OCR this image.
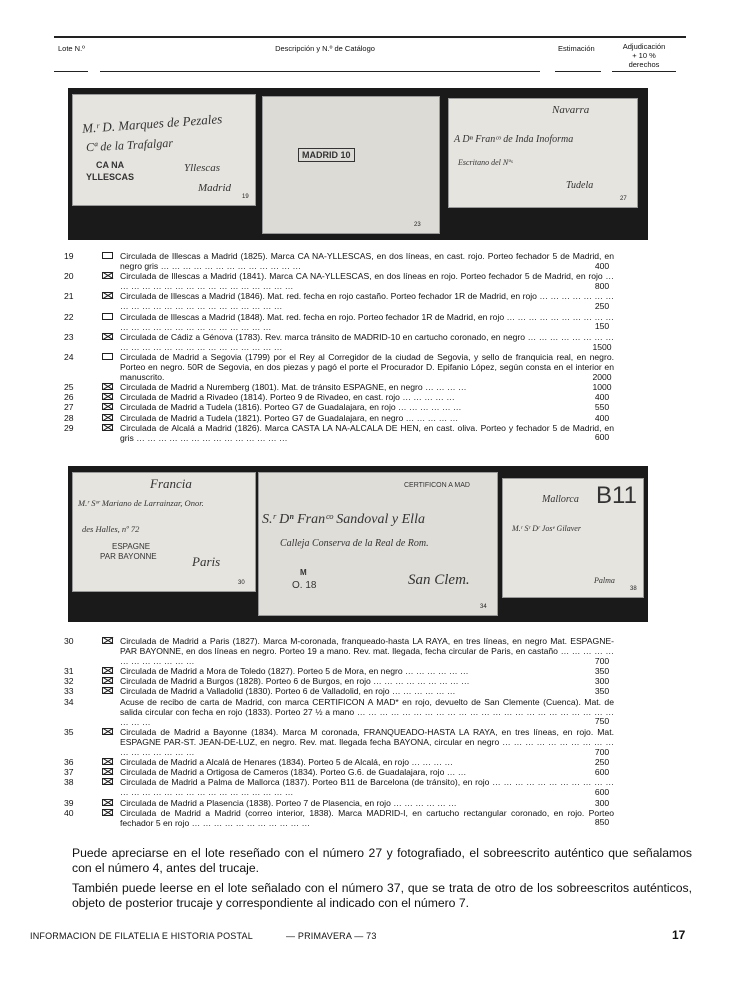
Lote N.º	Descripción y N.º de Catálogo	Estimación	Adjudicación
+ 10 %
derechos
M.ʳ D. Marques de Pezales
Cª de la Trafalgar
CA NA
YLLESCAS
Yllescas
Madrid
19
MADRID 10
23
Navarra
A Dⁿ Franᶜᵒ de Inda Inoforma
Escritano del Nºˢ
Tudela
27
19	Circulada de Illescas a Madrid (1825). Marca CA NA-YLLESCAS, en dos líneas, en cast. rojo. Porteo fechador 5 de Madrid, en negro gris … … … … … … … … … … … … …	400
20	Circulada de Illescas a Madrid (1841). Marca CA NA-YLLESCAS, en dos líneas en rojo. Porteo fechador 5 de Madrid, en rojo … … … … … … … … … … … … … … … … …	800
21	Circulada de Illescas a Madrid (1846). Mat. red. fecha en rojo castaño. Porteo fechador 1R de Madrid, en rojo … … … … … … … … … … … … … … … … … … … … … …	250
22	Circulada de Illescas a Madrid (1848). Mat. red. fecha en rojo. Porteo fechador 1R de Madrid, en rojo … … … … … … … … … … … … … … … … … … … … … … … …	150
23	Circulada de Cádiz a Génova (1783). Rev. marca tránsito de MADRID-10 en cartucho coronado, en negro … … … … … … … … … … … … … … … … … … … … … … …	1500
24	Circulada de Madrid a Segovia (1799) por el Rey al Corregidor de la ciudad de Segovia, y sello de franquicia real, en negro. Porteo en negro. 50R de Segovia, en dos piezas y pagó el porte el Procurador D. Epifanio López, según consta en el interior en manuscrito.	2000
25	Circulada de Madrid a Nuremberg (1801). Mat. de tránsito ESPAGNE, en negro … … … …	1000
26	Circulada de Madrid a Rivadeo (1814). Porteo 9 de Rivadeo, en cast. rojo … … … … …	400
27	Circulada de Madrid a Tudela (1816). Porteo G7 de Guadalajara, en rojo … … … … … …	550
28	Circulada de Madrid a Tudela (1821). Porteo G7 de Guadalajara, en negro … … … … …	400
29	Circulada de Alcalá a Madrid (1826). Marca CASTA LA NA-ALCALA DE HEN, en cast. oliva. Porteo y fechador 5 de Madrid, en gris … … … … … … … … … … … … … …	600
Francia
M.ʳ Sᵒʳ Mariano de Larrainzar, Onor.
des Halles, nº 72
ESPAGNE
PAR BAYONNE	Paris
30
CERTIFICON A MAD
S.ʳ Dⁿ Franᶜᵒ Sandoval y Ella
Calleja Conserva de la Real de Rom.
M
O. 18	San Clem.
34
Mallorca B11
M.ʳ Sʳ Dʳ Josᵉ Gilaver
Palma
38
30	Circulada de Madrid a Paris (1827). Marca M-coronada, franqueado-hasta LA RAYA, en tres líneas, en negro Mat. ESPAGNE-PAR BAYONNE, en dos líneas en negro. Porteo 19 a mano. Rev. mat. llegada, fecha circular de Paris, en castaño … … … … … … … … … … … …	700
31	Circulada de Madrid a Mora de Toledo (1827). Porteo 5 de Mora, en negro … … … … … …	350
32	Circulada de Madrid a Burgos (1828). Porteo 6 de Burgos, en rojo … … … … … … … … …	300
33	Circulada de Madrid a Valladolid (1830). Porteo 6 de Valladolid, en rojo … … … … … …	350
34	Acuse de recibo de carta de Madrid, con marca CERTIFICON A MAD* en rojo, devuelto de San Clemente (Cuenca). Mat. de salida circular con fecha en rojo (1833). Porteo 27 ½ a mano … … … … … … … … … … … … … … … … … … … … … … … … … …	750
35	Circulada de Madrid a Bayonne (1834). Marca M coronada, FRANQUEADO-HASTA LA RAYA, en tres líneas, en rojo. Mat. ESPAGNE PAR-ST. JEAN-DE-LUZ, en negro. Rev. mat. llegada fecha BAYONA, circular en negro … … … … … … … … … … … … … … … … …	700
36	Circulada de Madrid a Alcalá de Henares (1834). Porteo 5 de Alcalá, en rojo … … … …	250
37	Circulada de Madrid a Ortigosa de Cameros (1834). Porteo G.6. de Guadalajara, rojo … …	600
38	Circulada de Madrid a Palma de Mallorca (1837). Porteo B11 de Barcelona (de tránsito), en rojo … … … … … … … … … … … … … … … … … … … … … … … … … … …	600
39	Circulada de Madrid a Plasencia (1838). Porteo 7 de Plasencia, en rojo … … … … … …	300
40	Circulada de Madrid a Madrid (correo interior, 1838). Marca MADRID-I, en cartucho rectangular coronado, en rojo. Porteo fechador 5 en rojo … … … … … … … … … … …	850
Puede apreciarse en el lote reseñado con el número 27 y fotografiado, el sobreescrito auténtico que señalamos con el número 4, antes del trucaje.
También puede leerse en el lote señalado con el número 37, que se trata de otro de los sobreescritos auténticos, objeto de posterior trucaje y correspondiente al indicado con el número 7.
INFORMACION DE FILATELIA E HISTORIA POSTAL	— PRIMAVERA — 73	17
